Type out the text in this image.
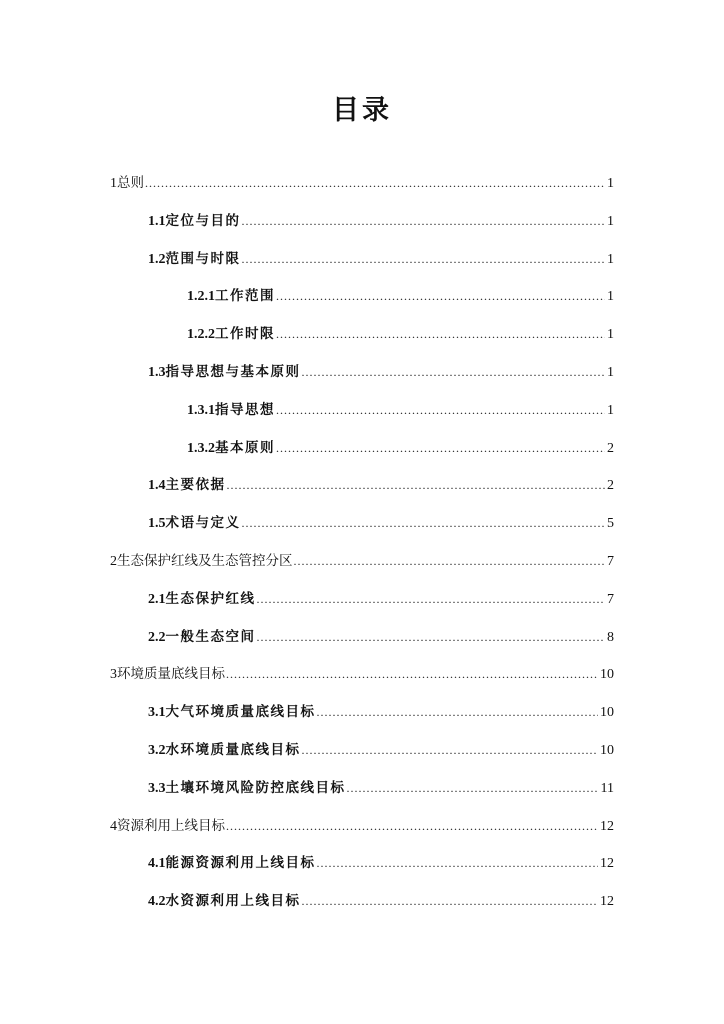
目录
1 总则 .....	1
1.1 定位与目的 .....	1
1.2 范围与时限 .....	1
1.2.1 工作范围 .....	1
1.2.2 工作时限 .....	1
1.3 指导思想与基本原则 .....	1
1.3.1 指导思想 .....	1
1.3.2 基本原则 .....	2
1.4 主要依据 .....	2
1.5 术语与定义 .....	5
2 生态保护红线及生态管控分区 .....	7
2.1 生态保护红线 .....	7
2.2 一般生态空间 .....	8
3 环境质量底线目标 .....	10
3.1 大气环境质量底线目标 .....	10
3.2 水环境质量底线目标 .....	10
3.3 土壤环境风险防控底线目标 .....	11
4 资源利用上线目标 .....	12
4.1 能源资源利用上线目标 .....	12
4.2 水资源利用上线目标 .....	12
